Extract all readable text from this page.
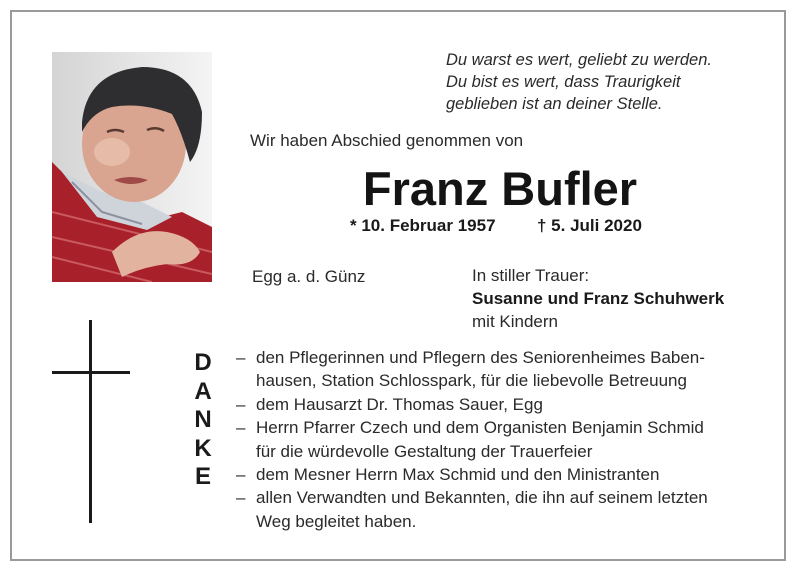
Du warst es wert, geliebt zu werden.
Du bist es wert, dass Traurigkeit
geblieben ist an deiner Stelle.
Wir haben Abschied genommen von
Franz Bufler
* 10. Februar 1957 † 5. Juli 2020
Egg a. d. Günz	In stiller Trauer:
Susanne und Franz Schuhwerk
mit Kindern
D
A
N
K
E
– den Pflegerinnen und Pflegern des Seniorenheimes Baben-
hausen, Station Schlosspark, für die liebevolle Betreuung
– dem Hausarzt Dr. Thomas Sauer, Egg
– Herrn Pfarrer Czech und dem Organisten Benjamin Schmid
für die würdevolle Gestaltung der Trauerfeier
– dem Mesner Herrn Max Schmid und den Ministranten
– allen Verwandten und Bekannten, die ihn auf seinem letzten
Weg begleitet haben.
